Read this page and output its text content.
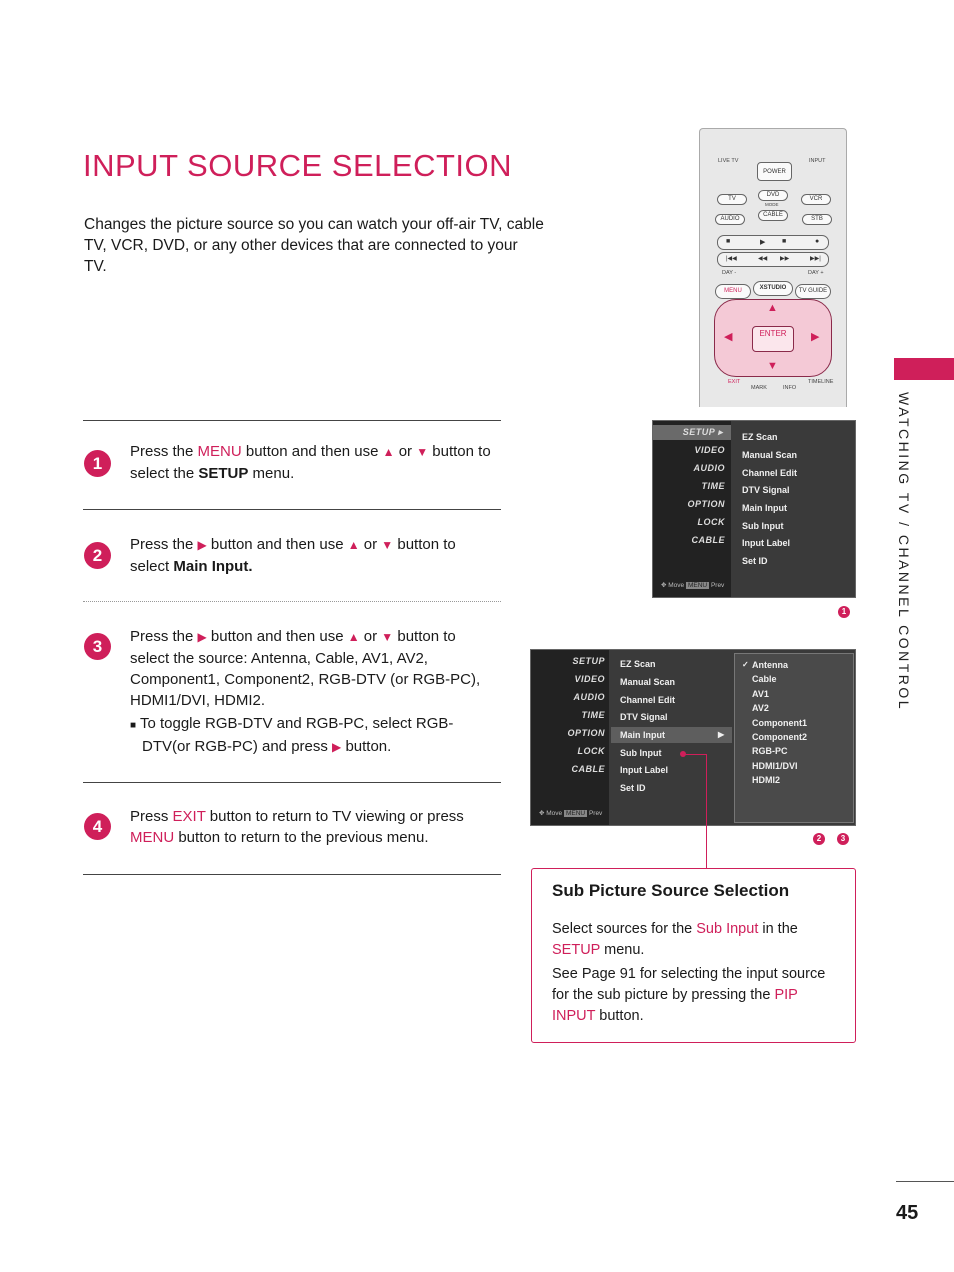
INPUT SOURCE SELECTION

Changes the picture source so you can watch your off-air TV, cable TV, VCR, DVD, or any other devices that are connected to your TV.

WATCHING TV / CHANNEL CONTROL
45
1
Press the MENU button and then use ▲ or ▼ button to select the SETUP menu.
2
Press the ▶ button and then use ▲ or ▼ button to select Main Input.
3
Press the ▶ button and then use ▲ or ▼ button to select the source: Antenna, Cable, AV1, AV2, Component1, Component2, RGB-DTV (or RGB-PC), HDMI1/DVI, HDMI2.
■ To toggle RGB-DTV and RGB-PC, select RGB-DTV(or RGB-PC) and press ▶ button.
4
Press EXIT button to return to TV viewing or press MENU button to return to the previous menu.
LIVE TV	INPUT
POWER
DVD
MODE
TV	VCR
AUDIO
CABLE
STB
■	▶ ■	●
|◀◀	◀◀ ▶▶	▶▶|
DAY -	DAY +
MENU	XSTUDIO	TV GUIDE
EXIT
MARK	INFO
TIMELINE
▲
▼
◀	▶
ENTER
SETUP ▸
VIDEO
AUDIO
TIME
OPTION
LOCK
CABLE
EZ Scan
Manual Scan
Channel Edit
DTV Signal
Main Input
Sub Input
Input Label
Set ID
✥ Move MENU Prev
1
SETUP
VIDEO
AUDIO
TIME
OPTION
LOCK
CABLE
EZ Scan
Manual Scan
Channel Edit
DTV Signal
Main Input	▶
Sub Input
Input Label
Set ID
✓ Antenna
Cable
AV1
AV2
Component1
Component2
RGB-PC
HDMI1/DVI
HDMI2
✥ Move MENU Prev
2	3
Sub Picture Source Selection

Select sources for the Sub Input in the SETUP menu.

See Page 91 for selecting the input source for the sub picture by pressing the PIP INPUT button.
